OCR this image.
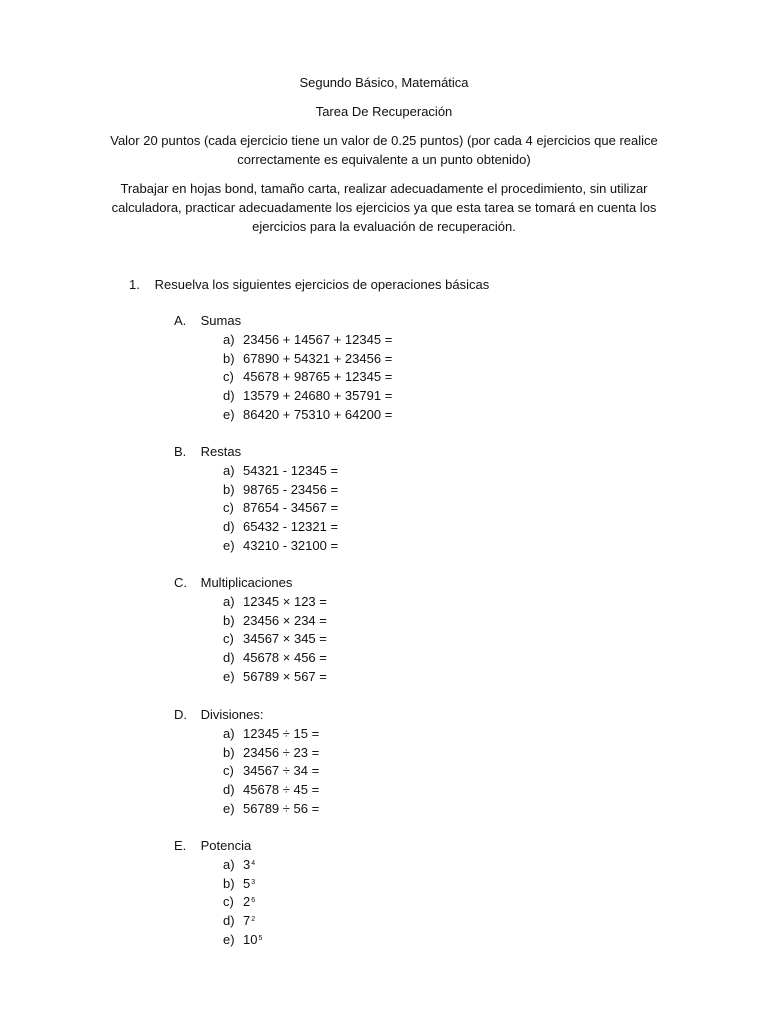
Segundo Básico, Matemática
Tarea De Recuperación
Valor 20 puntos (cada ejercicio tiene un valor de 0.25 puntos) (por cada 4 ejercicios que realice correctamente es equivalente a un punto obtenido)
Trabajar en hojas bond, tamaño carta, realizar adecuadamente el procedimiento, sin utilizar calculadora, practicar adecuadamente los ejercicios ya que esta tarea se tomará en cuenta los ejercicios para la evaluación de recuperación.
1. Resuelva los siguientes ejercicios de operaciones básicas
A. Sumas
a) 23456 + 14567 + 12345 =
b) 67890 + 54321 + 23456 =
c) 45678 + 98765 + 12345 =
d) 13579 + 24680 + 35791 =
e) 86420 + 75310 + 64200 =
B. Restas
a) 54321 - 12345 =
b) 98765 - 23456 =
c) 87654 - 34567 =
d) 65432 - 12321 =
e) 43210 - 32100 =
C. Multiplicaciones
a) 12345 × 123 =
b) 23456 × 234 =
c) 34567 × 345 =
d) 45678 × 456 =
e) 56789 × 567 =
D. Divisiones:
a) 12345 ÷ 15 =
b) 23456 ÷ 23 =
c) 34567 ÷ 34 =
d) 45678 ÷ 45 =
e) 56789 ÷ 56 =
E. Potencia
a) $3^4$
b) $5^3$
c) $2^6$
d) $7^2$
e) $10^5$
